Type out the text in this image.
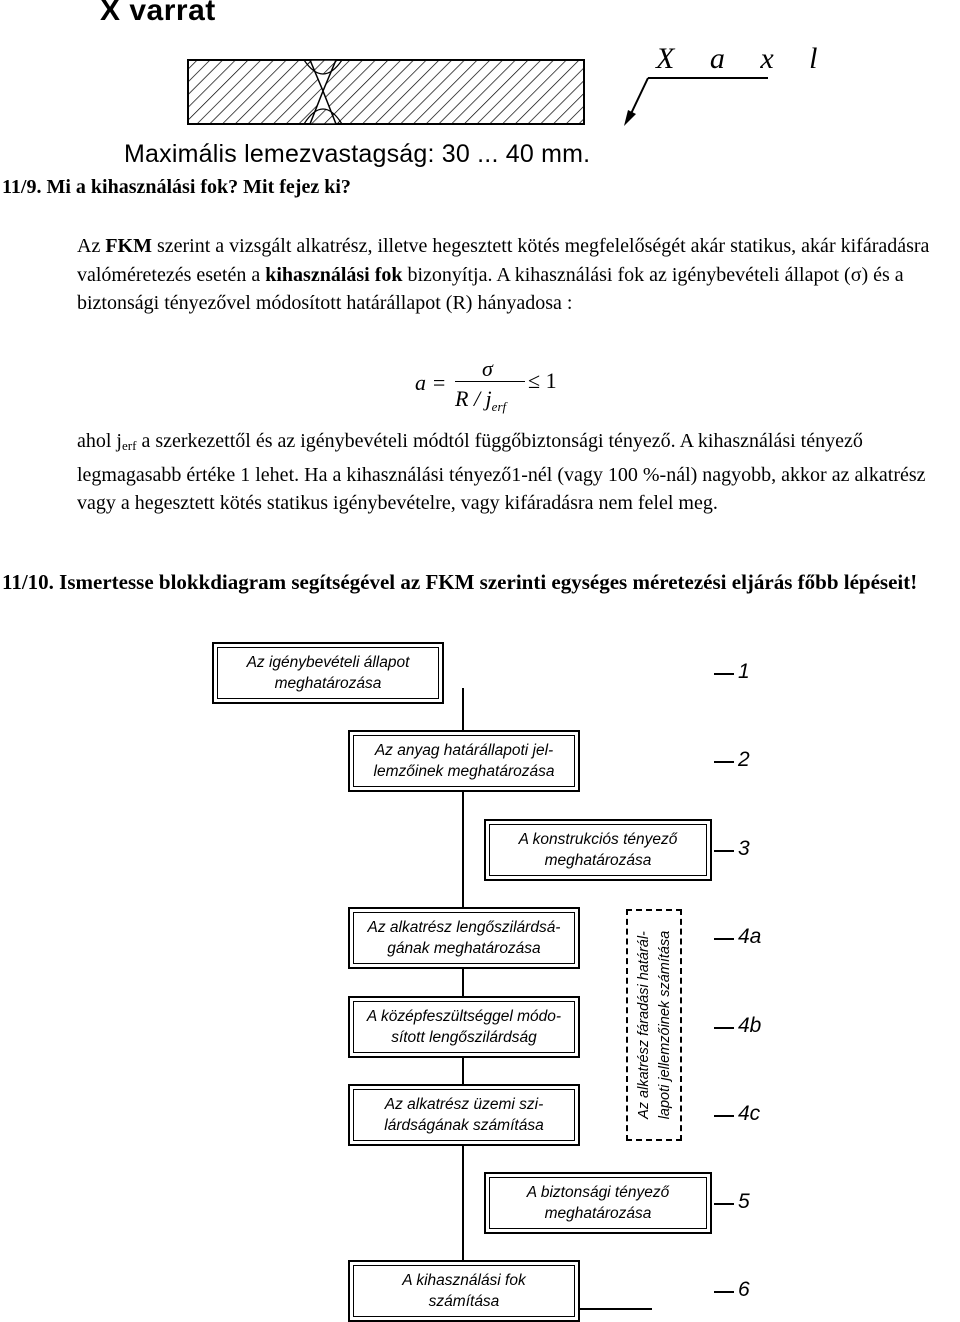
X varrat
Maximális lemezvastagság: 30 ... 40 mm.
X a x l
11/9. Mi a kihasználási fok? Mit fejez ki?
Az FKM szerint a vizsgált alkatrész, illetve hegesztett kötés megfelelőségét akár statikus, akár kifáradásra valóméretezés esetén a kihasználási fok bizonyítja. A kihasználási fok az igénybevételi állapot (σ) és a biztonsági tényezővel módosított határállapot (R) hányadosa :
a =
σ
R / $j_{erf}$
≤ 1
ahol $j_{erf}$ a szerkezettől és az igénybevételi módtól függőbiztonsági tényező. A kihasználási tényező legmagasabb értéke 1 lehet. Ha a kihasználási tényező1-nél (vagy 100 %-nál) nagyobb, akkor az alkatrész vagy a hegesztett kötés statikus igénybevételre, vagy kifáradásra nem felel meg.
11/10. Ismertesse blokkdiagram segítségével az FKM szerinti egységes méretezési eljárás főbb lépéseit!
Az igénybevételi állapot
meghatározása
Az anyag határállapoti jel-
lemzőinek meghatározása
A konstrukciós tényező
meghatározása
Az alkatrész lengőszilárdsá-
gának meghatározása
A középfeszültséggel módo-
sított lengőszilárdság
Az alkatrész üzemi szi-
lárdságának számítása
A biztonsági tényező
meghatározása
A kihasználási fok
számítása
Az alkatrész fáradási határál- lapoti jellemzőinek számítása
1
2
3
4a
4b
4c
5
6
